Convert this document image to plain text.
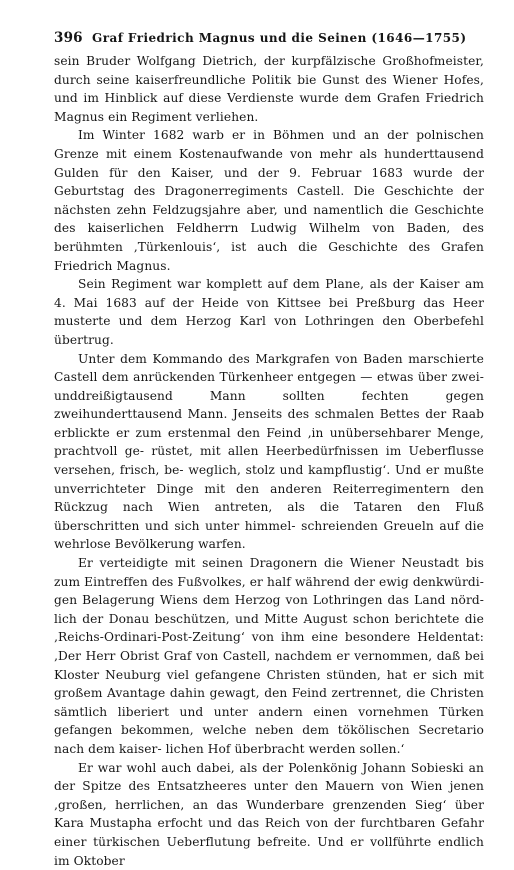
396 Graf Friedrich Magnus und die Seinen (1646—1755)

sein Bruder Wolfgang Dietrich, der kurpfälzische Großhofmeister, durch seine kaiserfreundliche Politik bie Gunst des Wiener Hofes, und im Hinblick auf diese Verdienste wurde dem Grafen Friedrich Magnus ein Regiment verliehen.

Im Winter 1682 warb er in Böhmen und an der polnischen Grenze mit einem Kostenaufwande von mehr als hunderttausend Gulden für den Kaiser, und der 9. Februar 1683 wurde der Geburtstag des Dragonerregiments Castell. Die Geschichte der nächsten zehn Feldzugsjahre aber, und namentlich die Geschichte des kaiserlichen Feldherrn Ludwig Wilhelm von Baden, des berühmten ‚Türkenlouis‘, ist auch die Geschichte des Grafen Friedrich Magnus.

Sein Regiment war komplett auf dem Plane, als der Kaiser am 4. Mai 1683 auf der Heide von Kittsee bei Preßburg das Heer musterte und dem Herzog Karl von Lothringen den Oberbefehl übertrug.

Unter dem Kommando des Markgrafen von Baden marschierte Castell dem anrückenden Türkenheer entgegen — etwas über zwei- unddreißigtausend Mann sollten fechten gegen zweihunderttausend Mann. Jenseits des schmalen Bettes der Raab erblickte er zum erstenmal den Feind ‚in unübersehbarer Menge, prachtvoll ge- rüstet, mit allen Heerbedürfnissen im Ueberflusse versehen, frisch, be- weglich, stolz und kampflustig‘. Und er mußte unverrichteter Dinge mit den anderen Reiterregimentern den Rückzug nach Wien antreten, als die Tataren den Fluß überschritten und sich unter himmel- schreienden Greueln auf die wehrlose Bevölkerung warfen.

Er verteidigte mit seinen Dragonern die Wiener Neustadt bis zum Eintreffen des Fußvolkes, er half während der ewig denkwürdi- gen Belagerung Wiens dem Herzog von Lothringen das Land nörd- lich der Donau beschützen, und Mitte August schon berichtete die ‚Reichs-Ordinari-Post-Zeitung‘ von ihm eine besondere Heldentat: ‚Der Herr Obrist Graf von Castell, nachdem er vernommen, daß bei Kloster Neuburg viel gefangene Christen stünden, hat er sich mit großem Avantage dahin gewagt, den Feind zertrennet, die Christen sämtlich liberiert und unter andern einen vornehmen Türken gefangen bekommen, welche neben dem tökölischen Secretario nach dem kaiser- lichen Hof überbracht werden sollen.‘

Er war wohl auch dabei, als der Polenkönig Johann Sobieski an der Spitze des Entsatzheeres unter den Mauern von Wien jenen ‚großen, herrlichen, an das Wunderbare grenzenden Sieg‘ über Kara Mustapha erfocht und das Reich von der furchtbaren Gefahr einer türkischen Ueberflutung befreite. Und er vollführte endlich im Oktober
